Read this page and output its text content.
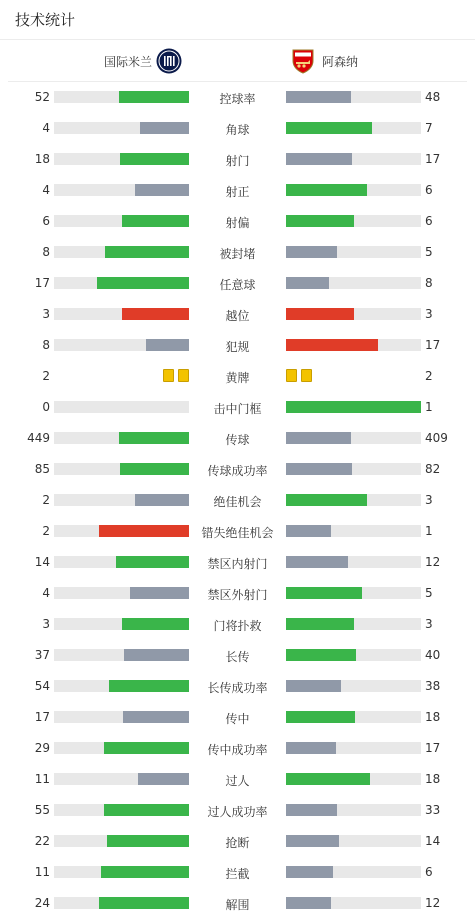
技术统计
国际米兰	阿森纳
52	控球率	48
4	角球	7
18	射门	17
4	射正	6
6	射偏	6
8	被封堵	5
17	任意球	8
3	越位	3
8	犯规	17
2	黄牌	2
0	击中门框	1
449	传球	409
85	传球成功率	82
2	绝佳机会	3
2	错失绝佳机会	1
14	禁区内射门	12
4	禁区外射门	5
3	门将扑救	3
37	长传	40
54	长传成功率	38
17	传中	18
29	传中成功率	17
11	过人	18
55	过人成功率	33
22	抢断	14
11	拦截	6
24	解围	12
